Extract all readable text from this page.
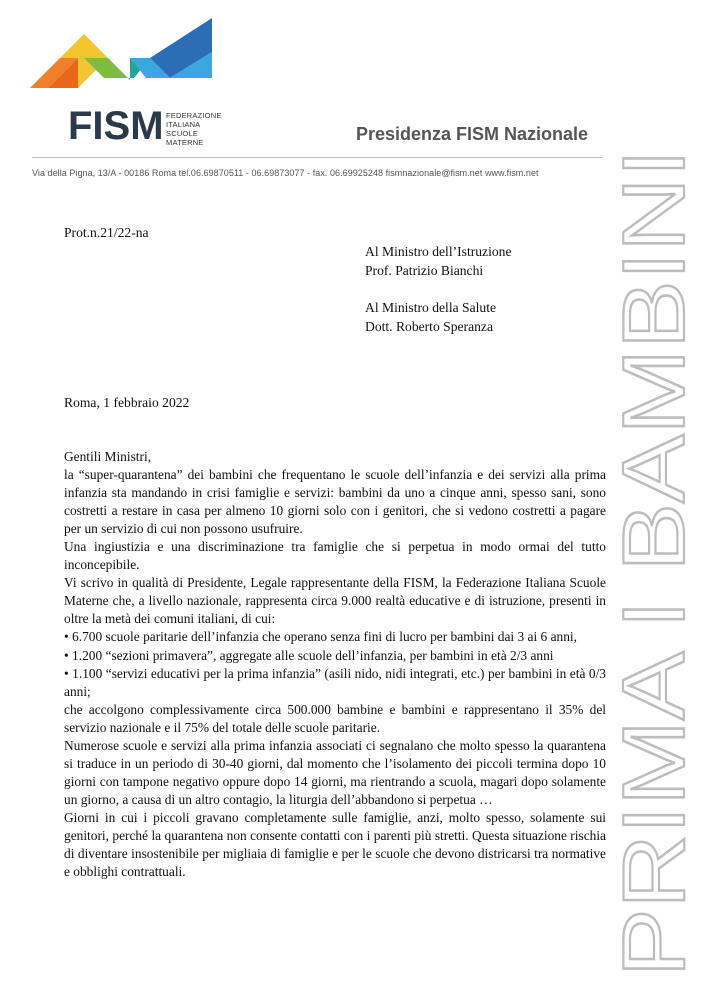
FISM FEDERAZIONE
ITALIANA
SCUOLE
MATERNE	Presidenza FISM Nazionale
Via della Pigna, 13/A - 00186 Roma tel.06.69870511 - 06.69873077 - fax. 06.69925248 fismnazionale@fism.net www.fism.net
PRIMA I BAMBINI
Prot.n.21/22-na
Al Ministro dell’Istruzione
Prof. Patrizio Bianchi
Al Ministro della Salute
Dott. Roberto Speranza
Roma, 1 febbraio 2022

Gentili Ministri,

la “super-quarantena” dei bambini che frequentano le scuole dell’infanzia e dei servizi alla prima infanzia sta mandando in crisi famiglie e servizi: bambini da uno a cinque anni, spesso sani, sono costretti a restare in casa per almeno 10 giorni solo con i genitori, che si vedono costretti a pagare per un servizio di cui non possono usufruire.

Una ingiustizia e una discriminazione tra famiglie che si perpetua in modo ormai del tutto inconcepibile.

Vi scrivo in qualità di Presidente, Legale rappresentante della FISM, la Federazione Italiana Scuole Materne che, a livello nazionale, rappresenta circa 9.000 realtà educative e di istruzione, presenti in oltre la metà dei comuni italiani, di cui:

• 6.700 scuole paritarie dell’infanzia che operano senza fini di lucro per bambini dai 3 ai 6 anni,

• 1.200 “sezioni primavera”, aggregate alle scuole dell’infanzia, per bambini in età 2/3 anni

• 1.100 “servizi educativi per la prima infanzia” (asili nido, nidi integrati, etc.) per bambini in età 0/3 anni;

che accolgono complessivamente circa 500.000 bambine e bambini e rappresentano il 35% del servizio nazionale e il 75% del totale delle scuole paritarie.

Numerose scuole e servizi alla prima infanzia associati ci segnalano che molto spesso la quarantena si traduce in un periodo di 30-40 giorni, dal momento che l’isolamento dei piccoli termina dopo 10 giorni con tampone negativo oppure dopo 14 giorni, ma rientrando a scuola, magari dopo solamente un giorno, a causa di un altro contagio, la liturgia dell’abbandono si perpetua …

Giorni in cui i piccoli gravano completamente sulle famiglie, anzi, molto spesso, solamente sui genitori, perché la quarantena non consente contatti con i parenti più stretti. Questa situazione rischia di diventare insostenibile per migliaia di famiglie e per le scuole che devono districarsi tra normative e obblighi contrattuali.
